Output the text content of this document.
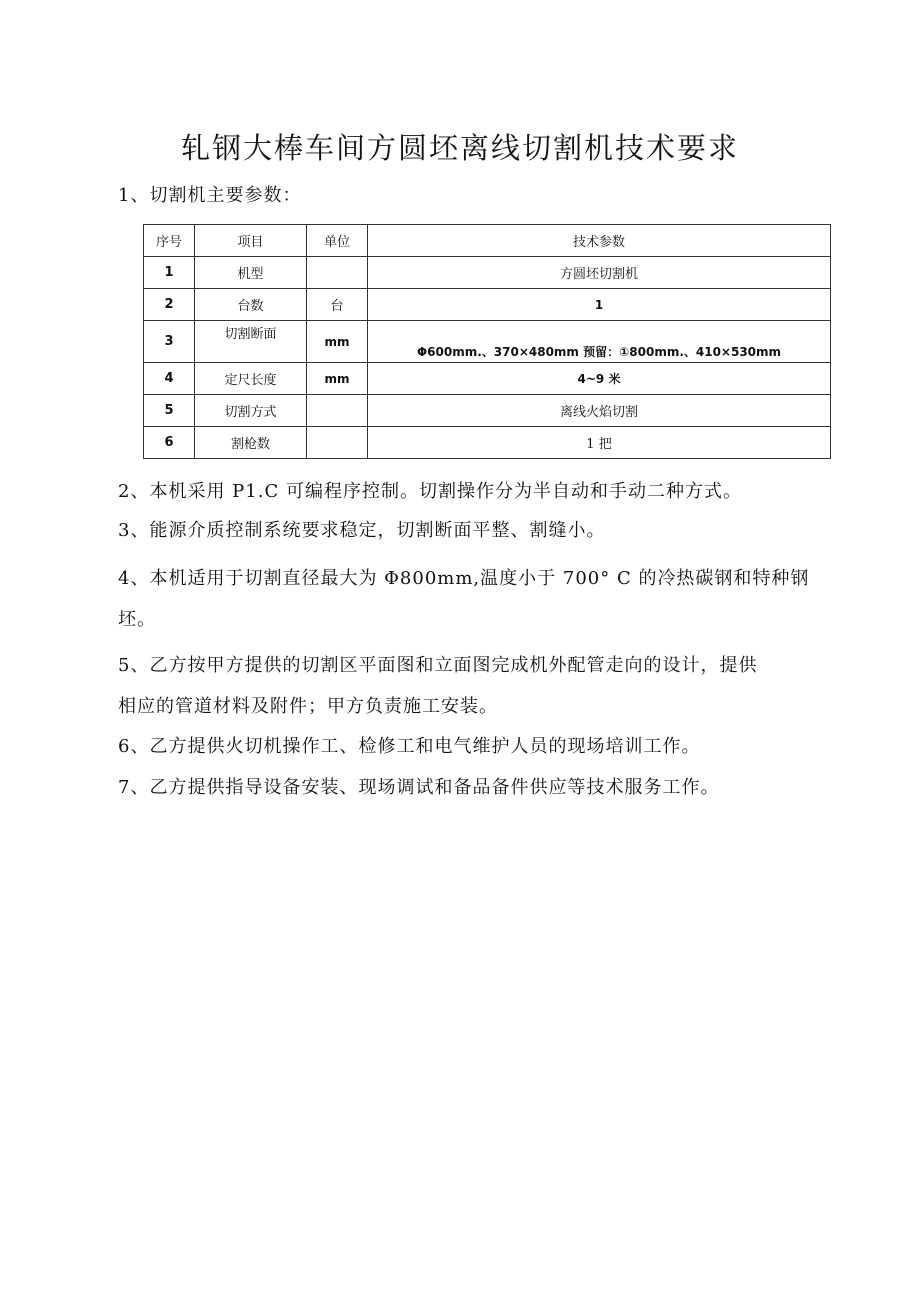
轧钢大棒车间方圆坯离线切割机技术要求

1、切割机主要参数：

序号	项目	单位	技术参数
1	机型		方圆坯切割机
2	台数	台	1
3	切割断面	mm	Φ600mm.、370×480mm 预留：①800mm.、410×530mm
4	定尺长度	mm	4~9 米
5	切割方式		离线火焰切割
6	割枪数		1 把

2、本机采用 P1.C 可编程序控制。切割操作分为半自动和手动二种方式。

3、能源介质控制系统要求稳定，切割断面平整、割缝小。

4、本机适用于切割直径最大为 Φ800mm,温度小于 700° C 的冷热碳钢和特种钢
坯。

5、乙方按甲方提供的切割区平面图和立面图完成机外配管走向的设计，提供
相应的管道材料及附件；甲方负责施工安装。

6、乙方提供火切机操作工、检修工和电气维护人员的现场培训工作。

7、乙方提供指导设备安装、现场调试和备品备件供应等技术服务工作。
